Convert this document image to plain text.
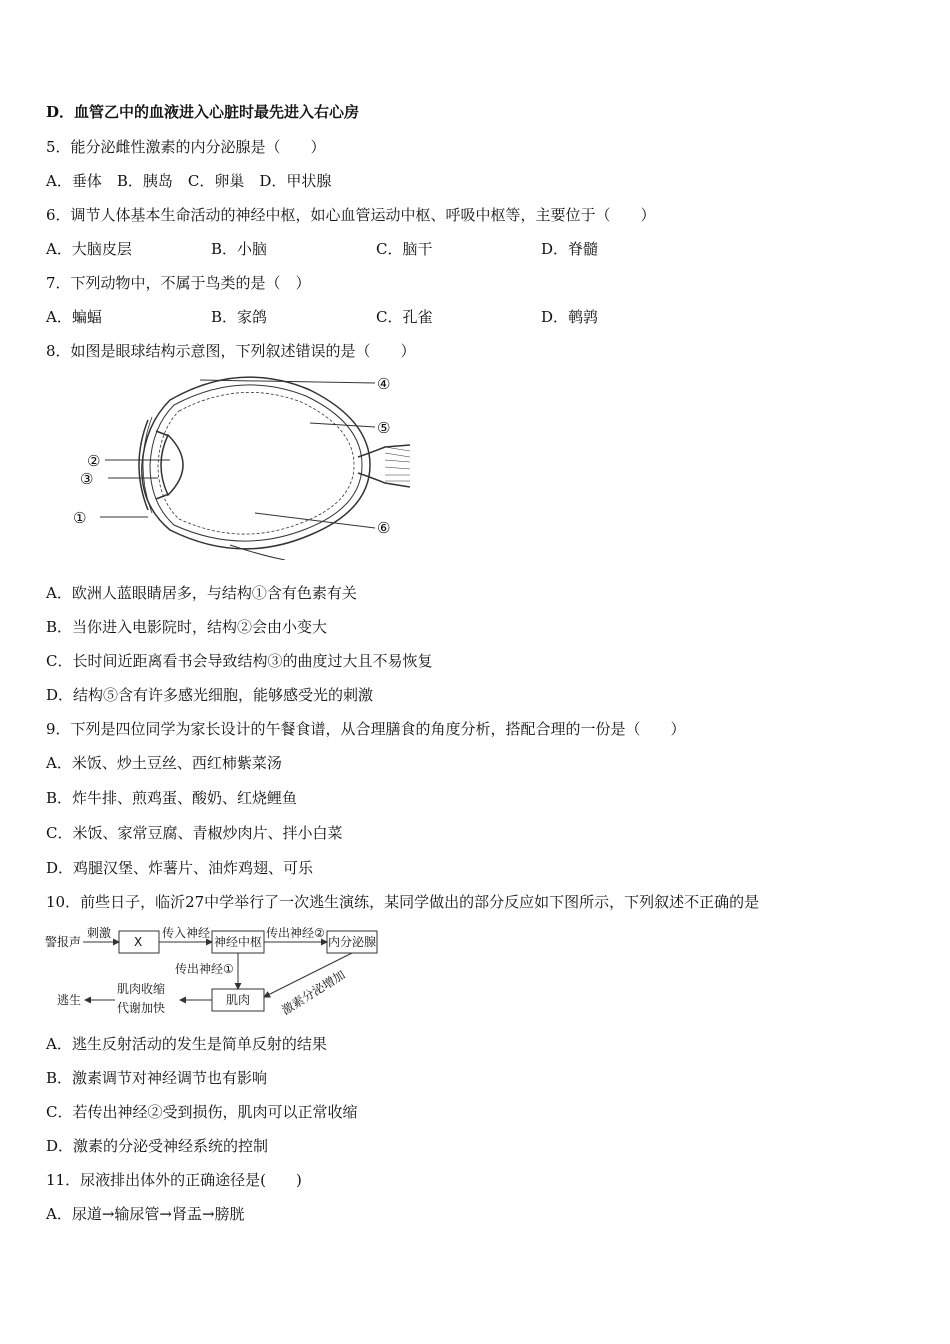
D．血管乙中的血液进入心脏时最先进入右心房
5．能分泌雌性激素的内分泌腺是（　　）
A．垂体　B．胰岛　C．卵巢　D．甲状腺
6．调节人体基本生命活动的神经中枢，如心血管运动中枢、呼吸中枢等，主要位于（　　）
A．大脑皮层	B．小脑	C．脑干	D．脊髓
7．下列动物中，不属于鸟类的是（　）
A．蝙蝠	B．家鸽	C．孔雀	D．鹌鹑
8．如图是眼球结构示意图，下列叙述错误的是（　　）
④
⑤
②
③
①
⑥
A．欧洲人蓝眼睛居多，与结构①含有色素有关
B．当你进入电影院时，结构②会由小变大
C．长时间近距离看书会导致结构③的曲度过大且不易恢复
D．结构⑤含有许多感光细胞，能够感受光的刺激
9．下列是四位同学为家长设计的午餐食谱，从合理膳食的角度分析，搭配合理的一份是（　　）
A．米饭、炒土豆丝、西红柿紫菜汤
B．炸牛排、煎鸡蛋、酸奶、红烧鲤鱼
C．米饭、家常豆腐、青椒炒肉片、拌小白菜
D．鸡腿汉堡、炸薯片、油炸鸡翅、可乐
10．前些日子，临沂27中学举行了一次逃生演练，某同学做出的部分反应如下图所示，下列叙述不正确的是
警报声
刺激
X
传入神经
神经中枢
传出神经②
内分泌腺
传出神经①	激素分泌增加
肌肉
肌肉收缩
代谢加快
逃生
A．逃生反射活动的发生是简单反射的结果
B．激素调节对神经调节也有影响
C．若传出神经②受到损伤，肌肉可以正常收缩
D．激素的分泌受神经系统的控制
11．尿液排出体外的正确途径是(　　)
A．尿道→输尿管→肾盂→膀胱
